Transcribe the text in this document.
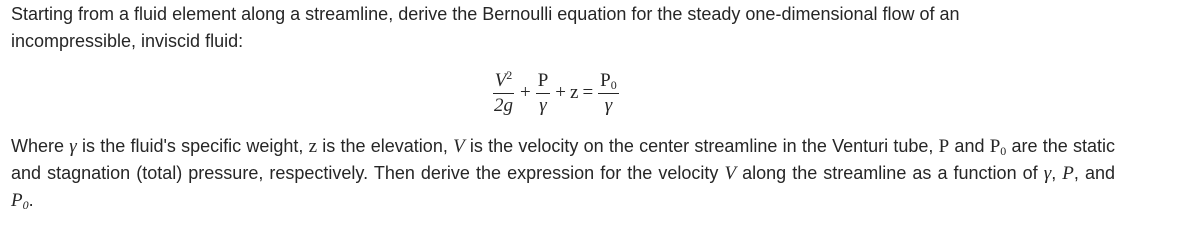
Starting from a fluid element along a streamline, derive the Bernoulli equation for the steady one-dimensional flow of an
incompressible, inviscid fluid:
$\frac{V^2}{2g} + \frac{P}{\gamma} + z = \frac{P_0}{\gamma}$
Where γ is the fluid's specific weight, z is the elevation, V is the velocity on the center streamline in the Venturi tube, P and $P_0$ are the static and stagnation (total) pressure, respectively. Then derive the expression for the velocity V along the streamline as a function of γ, P, and $P_0$.
